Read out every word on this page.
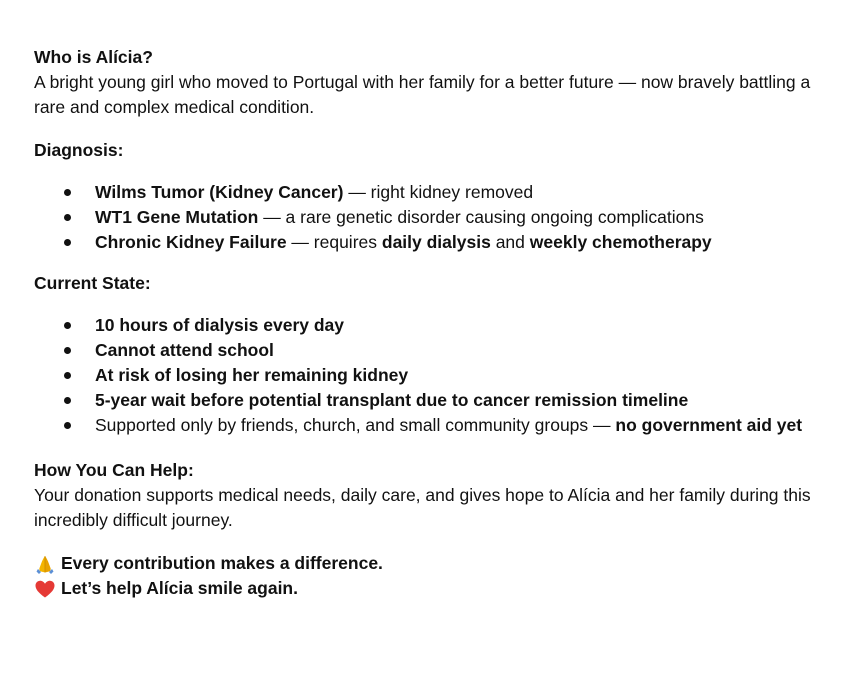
Who is Alícia?

A bright young girl who moved to Portugal with her family for a better future — now bravely battling a rare and complex medical condition.

Diagnosis:

Wilms Tumor (Kidney Cancer) — right kidney removed
WT1 Gene Mutation — a rare genetic disorder causing ongoing complications
Chronic Kidney Failure — requires daily dialysis and weekly chemotherapy

Current State:

10 hours of dialysis every day
Cannot attend school
At risk of losing her remaining kidney
5-year wait before potential transplant due to cancer remission timeline
Supported only by friends, church, and small community groups — no government aid yet

How You Can Help:

Your donation supports medical needs, daily care, and gives hope to Alícia and her family during this incredibly difficult journey.

Every contribution makes a difference.

Let’s help Alícia smile again.
